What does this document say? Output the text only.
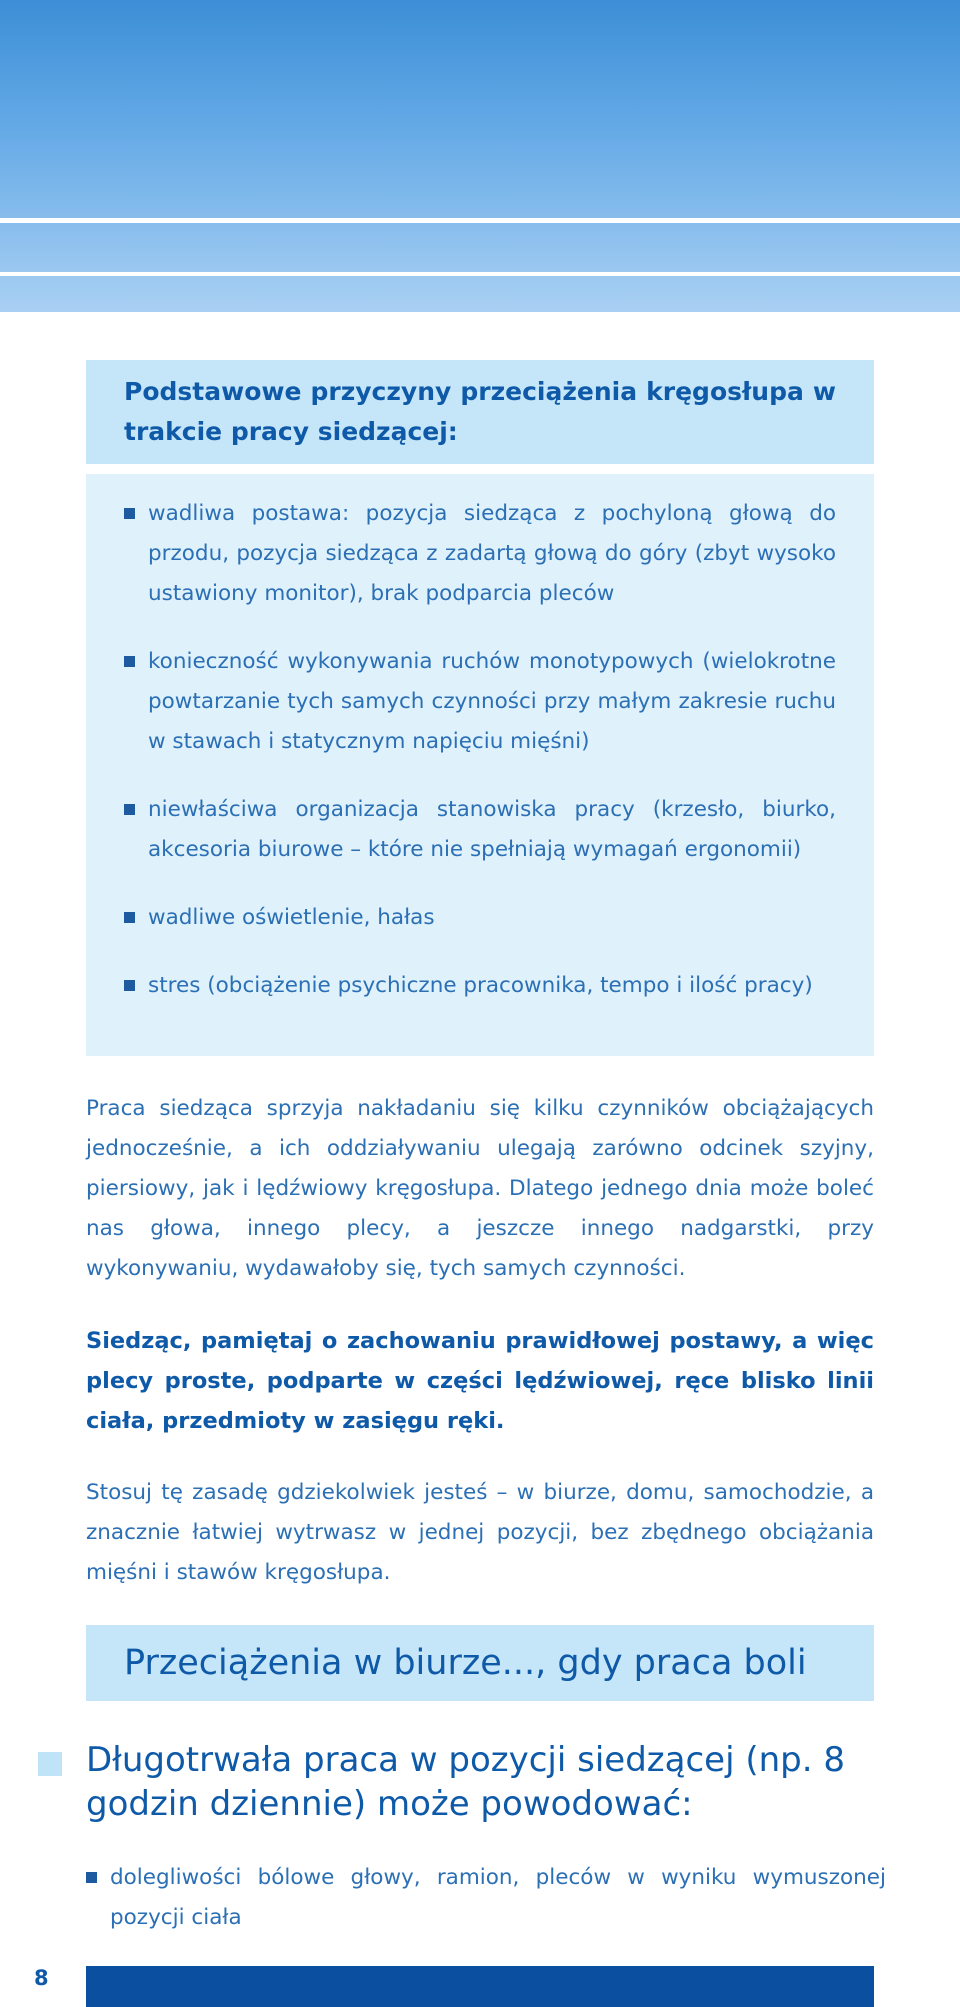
Podstawowe przyczyny przeciążenia kręgosłupa w trakcie pracy siedzącej:

wadliwa postawa: pozycja siedząca z pochyloną głową do przodu, pozycja siedząca z zadartą głową do góry (zbyt wysoko ustawiony monitor), brak podparcia pleców
konieczność wykonywania ruchów monotypowych (wielokrotne powtarzanie tych samych czynności przy małym zakresie ruchu w stawach i statycznym napięciu mięśni)
niewłaściwa organizacja stanowiska pracy (krzesło, biurko, akcesoria biurowe – które nie spełniają wymagań ergonomii)
wadliwe oświetlenie, hałas
stres (obciążenie psychiczne pracownika, tempo i ilość pracy)

Praca siedząca sprzyja nakładaniu się kilku czynników obciążających jednocześnie, a ich oddziaływaniu ulegają zarówno odcinek szyjny, piersiowy, jak i lędźwiowy kręgosłupa. Dlatego jednego dnia może boleć nas głowa, innego plecy, a jeszcze innego nadgarstki, przy wykonywaniu, wydawałoby się, tych samych czynności.

Siedząc, pamiętaj o zachowaniu prawidłowej postawy, a więc plecy proste, podparte w części lędźwiowej, ręce blisko linii ciała, przedmioty w zasięgu ręki.

Stosuj tę zasadę gdziekolwiek jesteś – w biurze, domu, samochodzie, a znacznie łatwiej wytrwasz w jednej pozycji, bez zbędnego obciążania mięśni i stawów kręgosłupa.

Przeciążenia w biurze..., gdy praca boli
Długotrwała praca w pozycji siedzącej (np. 8 godzin dziennie) może powodować:
dolegliwości bólowe głowy, ramion, pleców w wyniku wymuszonej pozycji ciała
8
